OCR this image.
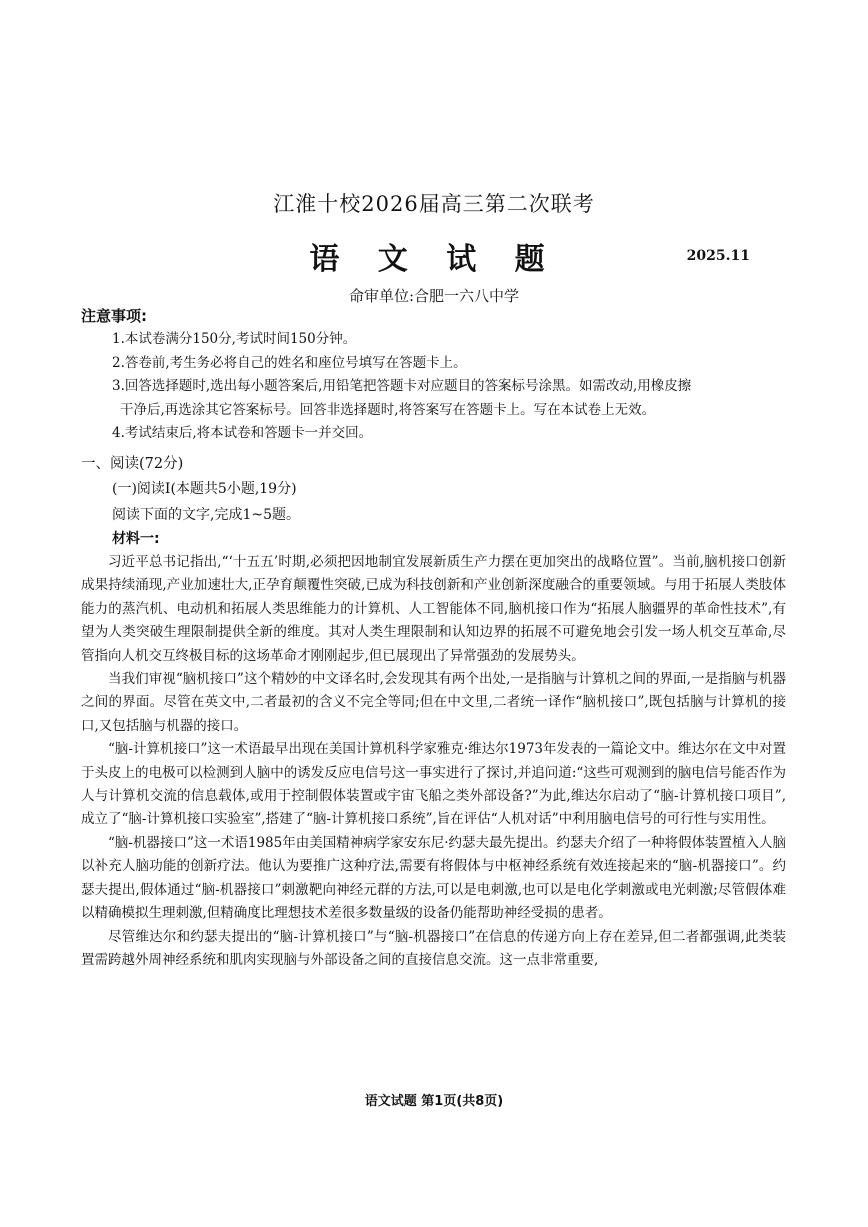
江淮十校2026届高三第二次联考
语 文 试 题	2025.11
命审单位:合肥一六八中学
注意事项:
1.本试卷满分150分,考试时间150分钟。
2.答卷前,考生务必将自己的姓名和座位号填写在答题卡上。
3.回答选择题时,选出每小题答案后,用铅笔把答题卡对应题目的答案标号涂黑。如需改动,用橡皮擦
干净后,再选涂其它答案标号。回答非选择题时,将答案写在答题卡上。写在本试卷上无效。
4.考试结束后,将本试卷和答题卡一并交回。
一、阅读(72分)
(一)阅读Ⅰ(本题共5小题,19分)
阅读下面的文字,完成1~5题。
材料一:

习近平总书记指出,“‘十五五’时期,必须把因地制宜发展新质生产力摆在更加突出的战略位置”。当前,脑机接口创新成果持续涌现,产业加速壮大,正孕育颠覆性突破,已成为科技创新和产业创新深度融合的重要领域。与用于拓展人类肢体能力的蒸汽机、电动机和拓展人类思维能力的计算机、人工智能体不同,脑机接口作为“拓展人脑疆界的革命性技术”,有望为人类突破生理限制提供全新的维度。其对人类生理限制和认知边界的拓展不可避免地会引发一场人机交互革命,尽管指向人机交互终极目标的这场革命才刚刚起步,但已展现出了异常强劲的发展势头。

当我们审视“脑机接口”这个精妙的中文译名时,会发现其有两个出处,一是指脑与计算机之间的界面,一是指脑与机器之间的界面。尽管在英文中,二者最初的含义不完全等同;但在中文里,二者统一译作“脑机接口”,既包括脑与计算机的接口,又包括脑与机器的接口。

“脑-计算机接口”这一术语最早出现在美国计算机科学家雅克·维达尔1973年发表的一篇论文中。维达尔在文中对置于头皮上的电极可以检测到人脑中的诱发反应电信号这一事实进行了探讨,并追问道:“这些可观测到的脑电信号能否作为人与计算机交流的信息载体,或用于控制假体装置或宇宙飞船之类外部设备?”为此,维达尔启动了“脑-计算机接口项目”,成立了“脑-计算机接口实验室”,搭建了“脑-计算机接口系统”,旨在评估“人机对话”中利用脑电信号的可行性与实用性。

“脑-机器接口”这一术语1985年由美国精神病学家安东尼·约瑟夫最先提出。约瑟夫介绍了一种将假体装置植入人脑以补充人脑功能的创新疗法。他认为要推广这种疗法,需要有将假体与中枢神经系统有效连接起来的“脑-机器接口”。约瑟夫提出,假体通过“脑-机器接口”刺激靶向神经元群的方法,可以是电刺激,也可以是电化学刺激或电光刺激;尽管假体难以精确模拟生理刺激,但精确度比理想技术差很多数量级的设备仍能帮助神经受损的患者。

尽管维达尔和约瑟夫提出的“脑-计算机接口”与“脑-机器接口”在信息的传递方向上存在差异,但二者都强调,此类装置需跨越外周神经系统和肌肉实现脑与外部设备之间的直接信息交流。这一点非常重要,

语文试题 第1页(共8页)
